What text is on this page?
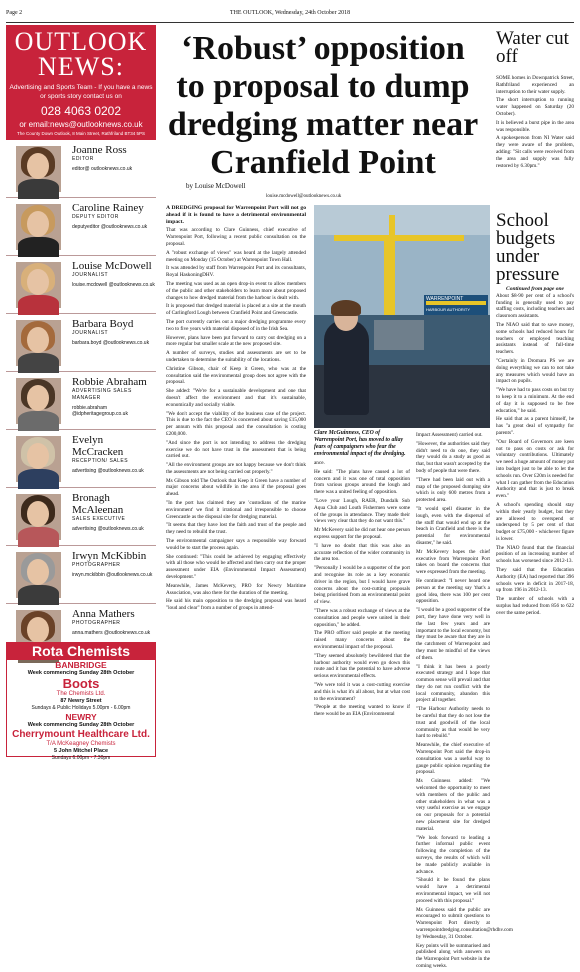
Page 2	THE OUTLOOK, Wednesday, 24th October 2018
OUTLOOK
NEWS:
Advertising and Sports Team - If you have a news or sports story contact us on
028 4063 0202
or email:news@outlooknews.co.uk
The County Down Outlook, 8 Main Street, Rathfriland BT34 5PS
Joanne Ross
EDITOR
editor@ outlooknews.co.uk
Caroline Rainey
DEPUTY EDITOR
deputyeditor @outlooknews.co.uk
Louise McDowell
JOURNALIST
louise.mcdowell @outlooknews.co.uk
Barbara Boyd
JOURNALIST
barbara.boyd @outlooknews.co.uk
Robbie Abraham
ADVERTISING SALES MANAGER
robbie.abraham @idpheritagegroup.co.uk
Evelyn McCracken
RECEPTION/ SALES
advertising @outlooknews.co.uk
Bronagh McAleenan
SALES EXECUTIVE
advertising @outlooknews.co.uk
Irwyn McKibbin
PHOTOGRAPHER
irwyn.mckibbin @outlooknews.co.uk
Anna Mathers
PHOTOGRAPHER
anna.mathers @outlooknews.co.uk
Rota Chemists
BANBRIDGE
Week commencing Sunday 28th October
Boots
The Chemists Ltd.
87 Newry Street
Sundays & Public Holidays 5.00pm - 6.00pm
NEWRY
Week commencing Sunday 28th October
Cherrymount Healthcare Ltd.
T/A McKeagney Chemists
5 John Mitchel Place
Sundays 6.00pm - 7.30pm
‘Robust’ opposition to proposal to dump dredging matter near Cranfield Point
by Louise McDowell
louise.mcdowell@outlooknews.co.uk

A DREDGING proposal for Warrenpoint Port will not go ahead if it is found to have a detrimental environmental impact.

That was according to Clare Guinness, chief executive of Warrenpoint Port, following a recent public consultation on the proposal.

A "robust exchange of views" was heard at the largely attended meeting on Monday (15 October) at Warrenpoint Town Hall.

It was attended by staff from Warrenpoint Port and its consultants, Royal HaskoningDHV.

The meeting was used as an open drop-in event to allow members of the public and other stakeholders to learn more about proposed changes to how dredged material from the harbour is dealt with.

It is proposed that dredged material is placed at a site at the mouth of Carlingford Lough between Cranfield Point and Greencastle.

The port currently carries out a major dredging programme every two to five years with material disposed of in the Irish Sea.

However, plans have been put forward to carry out dredging on a more regular but smaller scale at the new proposed site.

A number of surveys, studies and assessments are set to be undertaken to determine the suitability of the locations.

Christine Gibson, chair of Keep it Green, who was at the consultation said the environmental group does not agree with the proposal.

She added: "We're for a sustainable development and one that doesn't affect the environment and that it's sustainable, economically and socially viable.

"We don't accept the viability of the business case of the project. This is due to the fact the CEO is concerned about saving £15,000 per annum with this proposal and the consultation is costing £200,000.

"And since the port is not intending to address the dredging exercise we do not have trust in the assessment that is being carried out.

"All the environment groups are not happy because we don't think the assessments are not being carried out properly."

Ms Gibson told The Outlook that Keep it Green have a number of major concerns about wildlife in the area if the proposal goes ahead.

"In the port has claimed they are 'custodians of the marine environment' we find it irrational and irresponsible to choose Greencastle as the disposal site for dredging material.

"It seems that they have lost the faith and trust of the people and they need to rebuild the trust.

The environmental campaigner says a responsible way forward would be to start the process again.

She continued: "This could be achieved by engaging effectively with all those who would be affected and then carry out the proper assessment under EIA (Environmental Impact Assessment) development."

Meanwhile, James McKevery, PRO for Newry Maritime Association, was also there for the duration of the meeting.

He said his main opposition to the dredging proposal was heard "loud and clear" from a number of groups in attend-

ance.

He said: "The plans have caused a lot of concern and it was one of total opposition from various groups around the lough and there was a united feeling of opposition.

"Love your Lough, RAER, Dundalk Sub Aqua Club and Louth Fishermen were some of the groups in attendance. They made their views very clear that they do not want this."

Mr McKevery said he did not hear one person express support for the proposal.

"I have no doubt that this was also an accurate reflection of the wider community in the area too.

"Personally I would be a supporter of the port and recognise its role as a key economic driver in the region, but I would have grave concerns about the cost-cutting proposals being prioritised from an environmental point of view.

"There was a robust exchange of views at the consultation and people were united in their opposition," he added.

The PRO officer said people at the meeting raised many concerns about the environmental impact of the proposal.

"They seemed absolutely bewildered that the harbour authority would even go down this route and it has the potential to have adverse serious environmental effects.

"We were told it was a cost-cutting exercise and this is what it's all about, but at what cost to the environment?

"People at the meeting wanted to know if there would be an EIA (Environmental

Impact Assessment) carried out.

"However, the authorities said they didn't need to do one, they said they would do a study as good as that, but that wasn't accepted by the body of people that were there.

"There had been laid out with a map of the proposed dumping site which is only 600 metres from a protected area.

"It would spell disaster in the lough, even with the dispersal of the stuff that would end up at the beach in Cranfield and there is the potential for environmental disaster," he said.

Mr McKevery hopes the chief executive from Warrenpoint Port takes on board the concerns that were expressed from the meeting.

He continued: "I never heard one person at the meeting say 'that's a good idea, there was 100 per cent opposition.

"I would be a good supporter of the port, they have done very well in the last few years and are important to the local economy, but they must be aware that they are in the catchment of Warrenpoint and they must be mindful of the views of them.

"I think it has been a poorly executed strategy and I hope that common sense will prevail and that they do not run conflict with the local community, abandon this project all together.

"The Harbour Authority needs to be careful that they do not lose the trust and goodwill of the local community as that would be very hard to rebuild."

Meanwhile, the chief executive of Warrenpoint Port said the drop-in consultation was a useful way to gauge public opinion regarding the proposal.

Ms Guinness added: "We welcomed the opportunity to meet with members of the public and other stakeholders in what was a very useful exercise as we engage on our proposals for a potential new placement site for dredged material.

"We look forward to leading a further informal public event following the completion of the surveys, the results of which will be made publicly available in advance.

"Should it be found the plans would have a detrimental environmental impact, we will not proceed with this proposal."

Ms Guinness said the public are encouraged to submit questions to Warrenpoint Port directly at warrenpointdredging.consultation@rhdhv.com by Wednesday, 31 October.

Key points will be summarised and published along with answers on the Warrenpoint Port website in the coming weeks.

WARRENPOINT
HARBOUR AUTHORITY
Clare McGuinness, CEO of Warrenpoint Port, has moved to allay fears of campaigners who fear the environmental impact of the dredging.
Water cut off

SOME homes in Downpatrick Street, Rathfriland experienced an interruption to their water supply.

The short interruption to running water happened on Saturday (20 October).

It is believed a burst pipe in the area was responsible.

A spokesperson from NI Water said they were aware of the problem, adding: "Sit calls were received from the area and supply was fully restored by 6.30pm."

School budgets under pressure
Continued from page one

About $8-90 per cent of a school's funding is generally used to pay staffing costs, including teachers and classroom assistants.

The NIAO said that to save money, some schools had reduced hours for teachers or employed teaching assistants instead of full-time teachers.

"Certainly in Dromara PS we are doing everything we can to not take any measures which would have an impact on pupils.

"We have had to pass costs on but try to keep it to a minimum. At the end of day it is supposed to be free education," he said.

He said that as a parent himself, he has "a great deal of sympathy for parents".

"Our Board of Governors are keen not to pass on costs or ask for voluntary contributions. Ultimately we need a huge amount of money put into budget just to be able to let the schools run. Over £20m is needed for what I can gather from the Education Authority and that is just to break even."

A school's spending should stay within their yearly budget, but they are allowed to overspend or underspend by 5 per cent of that budget or £75,000 - whichever figure is lower.

The NIAO found that the financial position of an increasing number of schools has worsened since 2012-13.

They said that the Education Authority (EA) had reported that 396 schools were in deficit in 2017-18, up from 196 in 2012-13.

The number of schools with a surplus had reduced from 856 to 622 over the same period.
